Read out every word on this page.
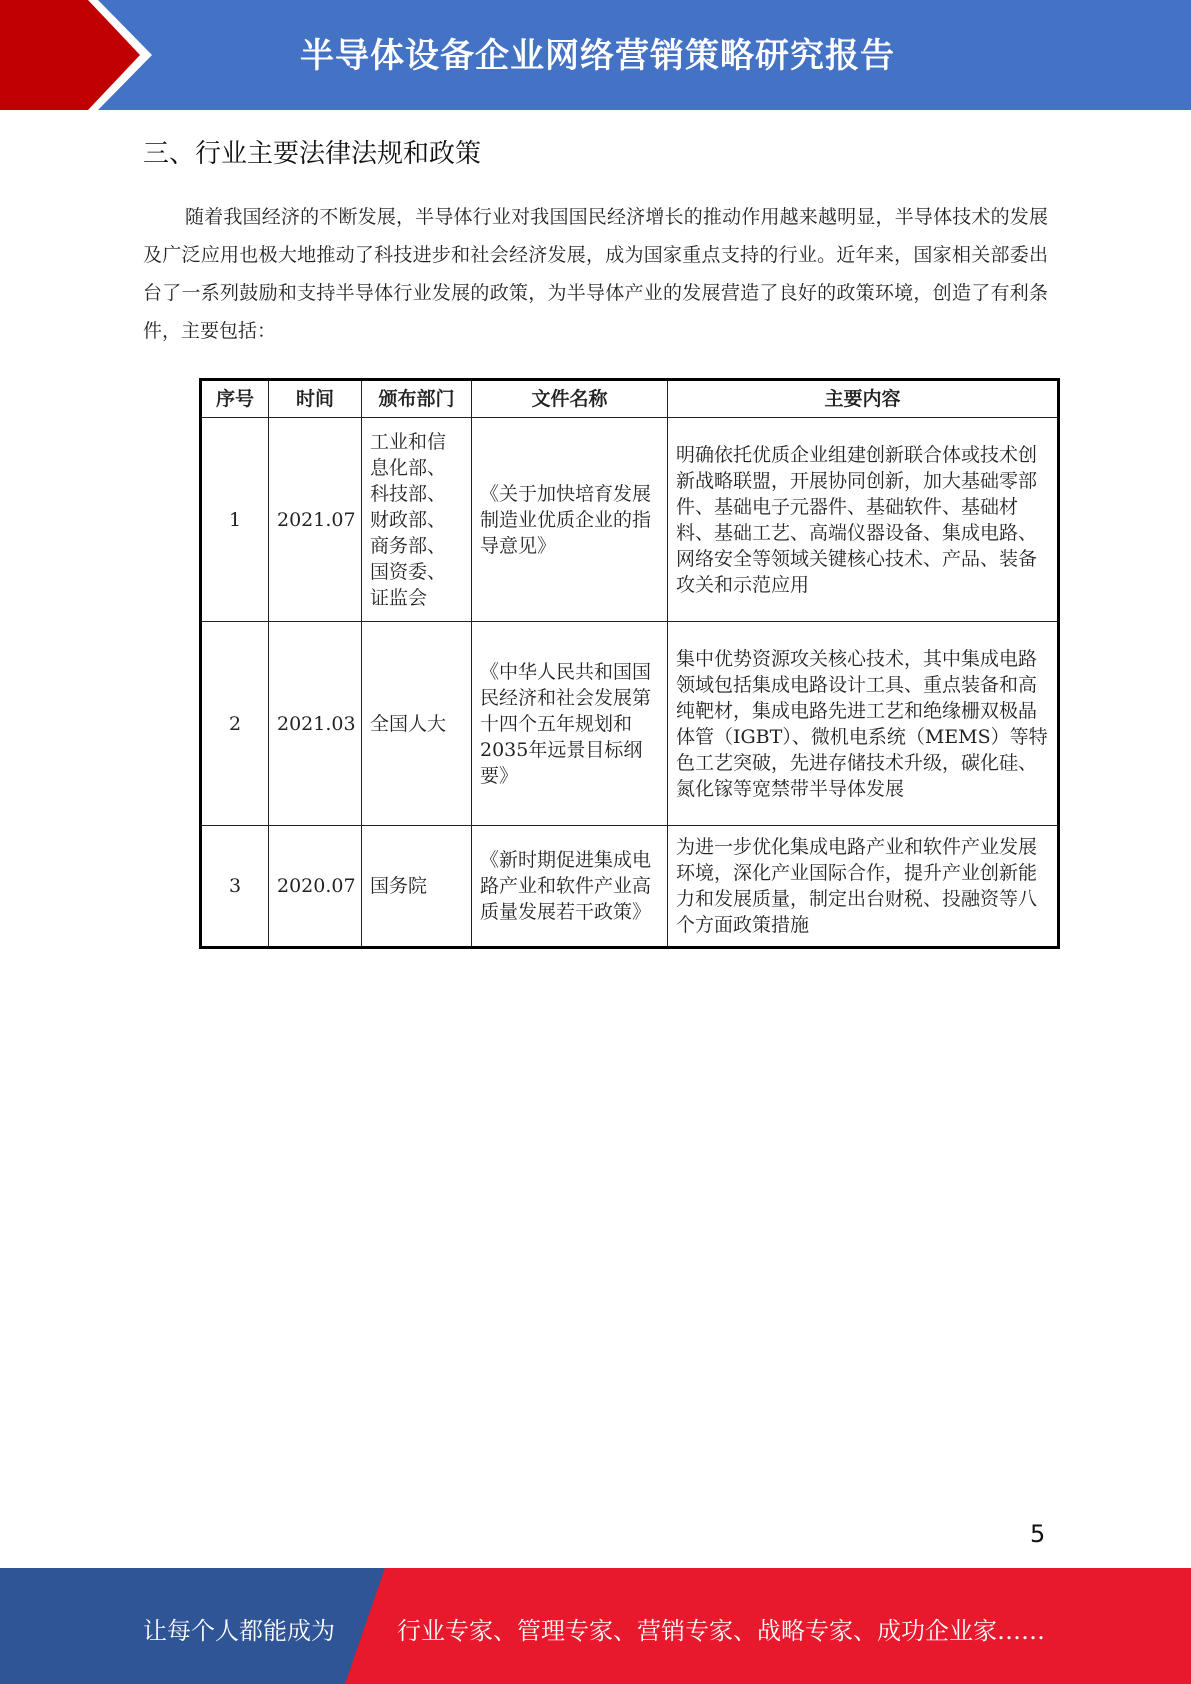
半导体设备企业网络营销策略研究报告
三、行业主要法律法规和政策

随着我国经济的不断发展，半导体行业对我国国民经济增长的推动作用越来越明显，半导体技术的发展及广泛应用也极大地推动了科技进步和社会经济发展，成为国家重点支持的行业。近年来，国家相关部委出台了一系列鼓励和支持半导体行业发展的政策，为半导体产业的发展营造了良好的政策环境，创造了有利条件，主要包括：

序号	时间	颁布部门	文件名称	主要内容
1	2021.07	工业和信息化部、科技部、财政部、商务部、国资委、证监会	《关于加快培育发展制造业优质企业的指导意见》	明确依托优质企业组建创新联合体或技术创新战略联盟，开展协同创新，加大基础零部件、基础电子元器件、基础软件、基础材料、基础工艺、高端仪器设备、集成电路、网络安全等领域关键核心技术、产品、装备攻关和示范应用
2	2021.03	全国人大	《中华人民共和国国民经济和社会发展第十四个五年规划和2035年远景目标纲要》	集中优势资源攻关核心技术，其中集成电路领域包括集成电路设计工具、重点装备和高纯靶材，集成电路先进工艺和绝缘栅双极晶体管（IGBT）、微机电系统（MEMS）等特色工艺突破，先进存储技术升级，碳化硅、氮化镓等宽禁带半导体发展
3	2020.07	国务院	《新时期促进集成电路产业和软件产业高质量发展若干政策》	为进一步优化集成电路产业和软件产业发展环境，深化产业国际合作，提升产业创新能力和发展质量，制定出台财税、投融资等八个方面政策措施
5
让每个人都能成为	行业专家、管理专家、营销专家、战略专家、成功企业家……
